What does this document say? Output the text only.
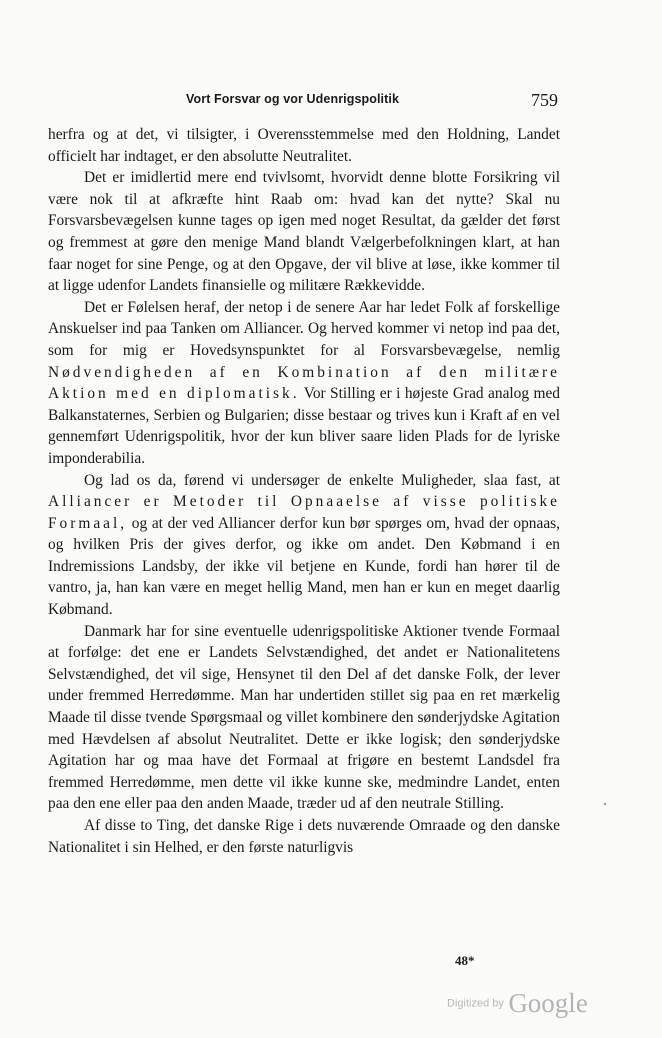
Vort Forsvar og vor Udenrigspolitik	759

herfra og at det, vi tilsigter, i Overensstemmelse med den Holdning, Landet officielt har indtaget, er den absolutte Neutralitet.

Det er imidlertid mere end tvivlsomt, hvorvidt denne blotte Forsikring vil være nok til at afkræfte hint Raab om: hvad kan det nytte? Skal nu Forsvarsbevægelsen kunne tages op igen med noget Resultat, da gælder det først og fremmest at gøre den menige Mand blandt Vælgerbefolkningen klart, at han faar noget for sine Penge, og at den Opgave, der vil blive at løse, ikke kommer til at ligge udenfor Landets finansielle og militære Rækkevidde.

Det er Følelsen heraf, der netop i de senere Aar har ledet Folk af forskellige Anskuelser ind paa Tanken om Alliancer. Og herved kommer vi netop ind paa det, som for mig er Hovedsynspunktet for al Forsvarsbevægelse, nemlig Nødvendigheden af en Kombination af den militære Aktion med en diplomatisk. Vor Stilling er i højeste Grad analog med Balkanstaternes, Serbien og Bulgarien; disse bestaar og trives kun i Kraft af en vel gennemført Udenrigspolitik, hvor der kun bliver saare liden Plads for de lyriske imponderabilia.

Og lad os da, førend vi undersøger de enkelte Muligheder, slaa fast, at Alliancer er Metoder til Opnaaelse af visse politiske Formaal, og at der ved Alliancer derfor kun bør spørges om, hvad der opnaas, og hvilken Pris der gives derfor, og ikke om andet. Den Købmand i en Indremissions Landsby, der ikke vil betjene en Kunde, fordi han hører til de vantro, ja, han kan være en meget hellig Mand, men han er kun en meget daarlig Købmand.

Danmark har for sine eventuelle udenrigspolitiske Aktioner tvende Formaal at forfølge: det ene er Landets Selvstændighed, det andet er Nationalitetens Selvstændighed, det vil sige, Hensynet til den Del af det danske Folk, der lever under fremmed Herredømme. Man har undertiden stillet sig paa en ret mærkelig Maade til disse tvende Spørgsmaal og villet kombinere den sønderjydske Agitation med Hævdelsen af absolut Neutralitet. Dette er ikke logisk; den sønderjydske Agitation har og maa have det Formaal at frigøre en bestemt Landsdel fra fremmed Herredømme, men dette vil ikke kunne ske, medmindre Landet, enten paa den ene eller paa den anden Maade, træder ud af den neutrale Stilling.

Af disse to Ting, det danske Rige i dets nuværende Omraade og den danske Nationalitet i sin Helhed, er den første naturligvis

48*
Digitized by Google
